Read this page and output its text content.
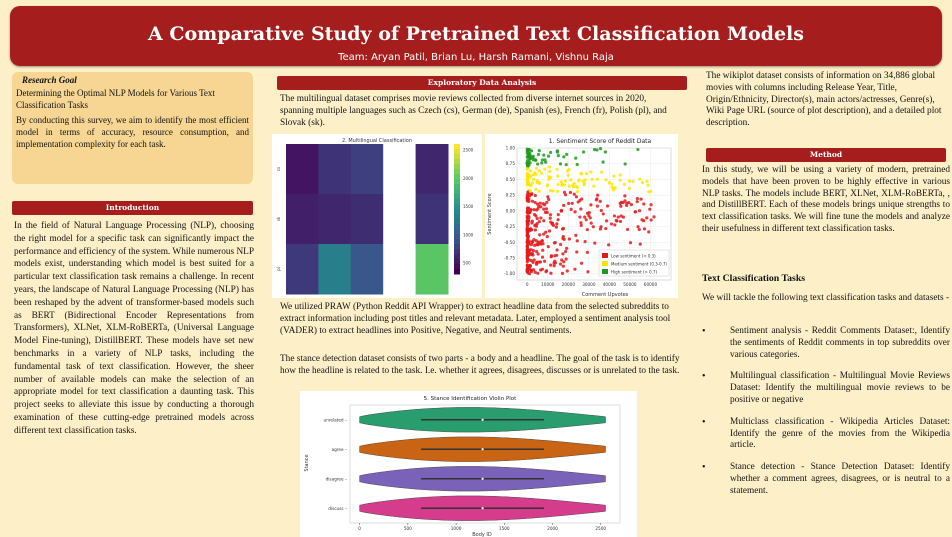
A Comparative Study of Pretrained Text Classification Models
Team: Aryan Patil, Brian Lu, Harsh Ramani, Vishnu Raja
Research Goal

Determining the Optimal NLP Models for Various Text Classification Tasks

By conducting this survey, we aim to identify the most efficient model in terms of accuracy, resource consumption, and implementation complexity for each task.

Introduction
In the field of Natural Language Processing (NLP), choosing the right model for a specific task can significantly impact the performance and efficiency of the system. While numerous NLP models exist, understanding which model is best suited for a particular text classification task remains a challenge. In recent years, the landscape of Natural Language Processing (NLP) has been reshaped by the advent of transformer-based models such as BERT (Bidirectional Encoder Representations from Transformers), XLNet, XLM-RoBERTa, (Universal Language Model Fine-tuning), DistillBERT. These models have set new benchmarks in a variety of NLP tasks, including the fundamental task of text classification. However, the sheer number of available models can make the selection of an appropriate model for text classification a daunting task. This project seeks to alleviate this issue by conducting a thorough examination of these cutting-edge pretrained models across different text classification tasks.
Exploratory Data Analysis
The multilingual dataset comprises movie reviews collected from diverse internet sources in 2020, spanning multiple languages such as Czech (cs), German (de), Spanish (es), French (fr), Polish (pl), and Slovak (sk).
2. Multilingual Classification
cs
sk
pl
2500
2000
1500
1000
500
1. Sentiment Score of Reddit Data
Comment Upvotes
Sentiment Score
1.00
0.75
0.50
0.25
0.00
-0.25
-0.50
-0.75
-1.00
0	10000 20000 30000 40000 50000 60000
Low sentiment (< 0.3)
Medium sentiment (0.3-0.7)
High sentiment (> 0.7)
We utilized PRAW (Python Reddit API Wrapper) to extract headline data from the selected subreddits to extract information including post titles and relevant metadata. Later, employed a sentiment analysis tool (VADER) to extract headlines into Positive, Negative, and Neutral sentiments.
The stance detection dataset consists of two parts - a body and a headline. The goal of the task is to identify how the headline is related to the task. I.e. whether it agrees, disagrees, discusses or is unrelated to the task.
5. Stance Identification Violin Plot
Body ID
Stance
0	500	1000	1500	2000	2500
unrelated –
agree –
disagree –
discuss –
The wikiplot dataset consists of information on 34,886 global movies with columns including Release Year, Title, Origin/Ethnicity, Director(s), main actors/actresses, Genre(s), Wiki Page URL (source of plot description), and a detailed plot description.
Method
In this study, we will be using a variety of modern, pretrained models that have been proven to be highly effective in various NLP tasks. The models include BERT, XLNet, XLM-RoBERTa, , and DistillBERT. Each of these models brings unique strengths to text classification tasks. We will fine tune the models and analyze their usefulness in different text classification tasks.
Text Classification Tasks
We will tackle the following text classification tasks and datasets -
• Sentiment analysis - Reddit Comments Dataset:, Identify the sentiments of Reddit comments in top subreddits over various categories.
• Multilingual classification - Multilingual Movie Reviews Dataset: Identify the multilingual movie reviews to be positive or negative
• Multiclass classification - Wikipedia Articles Dataset: Identify the genre of the movies from the Wikipedia article.
• Stance detection - Stance Detection Dataset: Identify whether a comment agrees, disagrees, or is neutral to a statement.
